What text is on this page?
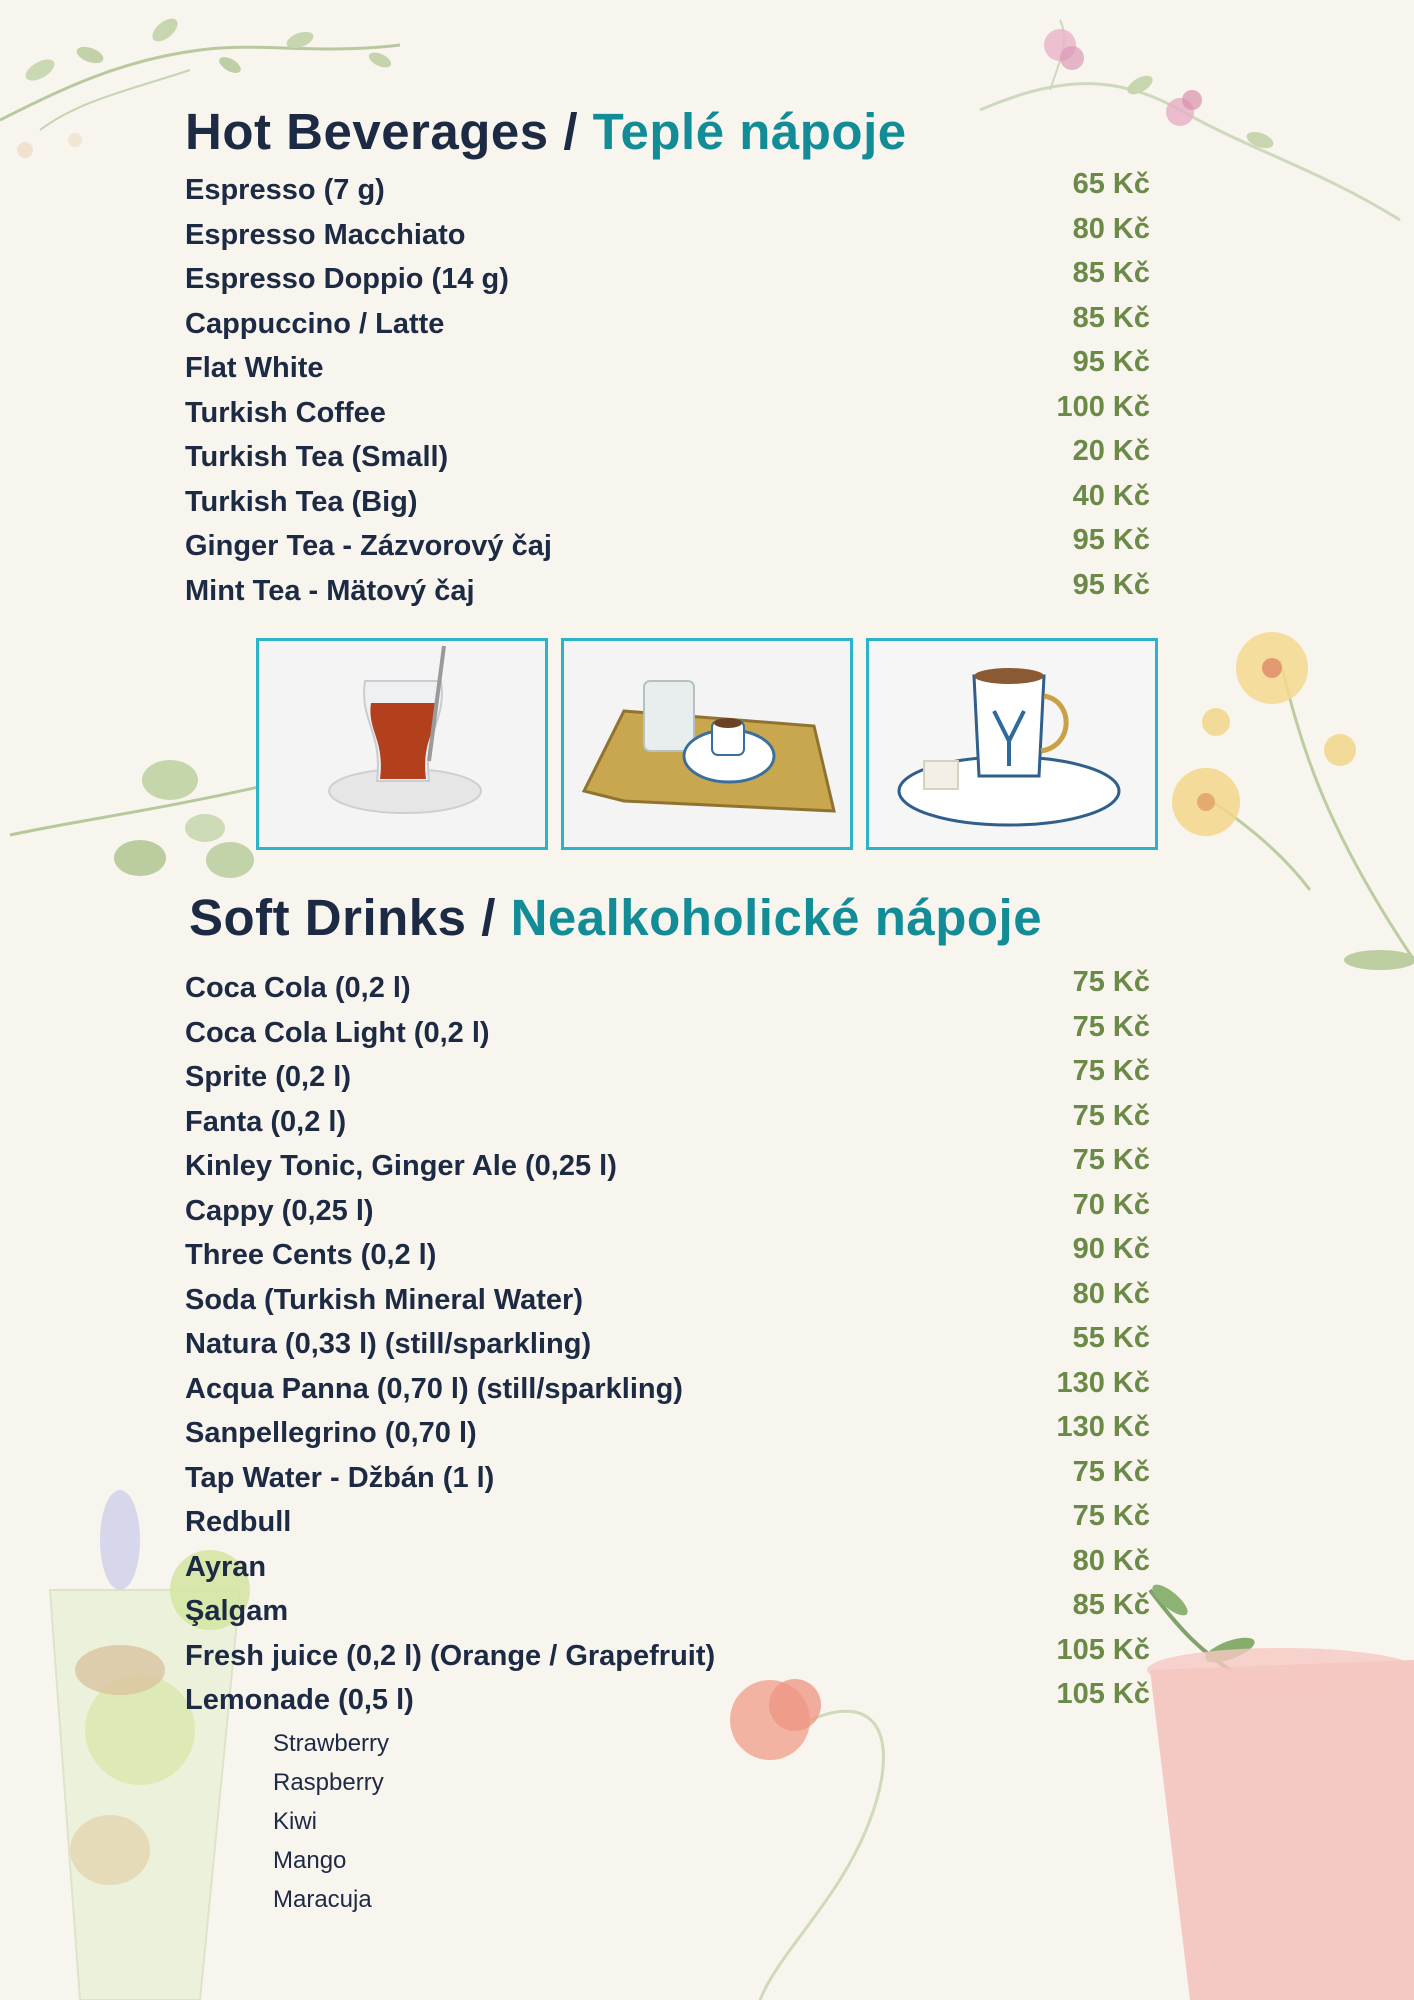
Hot Beverages / Teplé nápoje
Espresso (7 g)	65 Kč
Espresso Macchiato	80 Kč
Espresso Doppio (14 g)	85 Kč
Cappuccino / Latte	85 Kč
Flat White	95 Kč
Turkish Coffee	100 Kč
Turkish Tea (Small)	20 Kč
Turkish Tea (Big)	40 Kč
Ginger Tea - Zázvorový čaj	95 Kč
Mint Tea - Mätový čaj	95 Kč
Soft Drinks / Nealkoholické nápoje
Coca Cola (0,2 l)	75 Kč
Coca Cola Light (0,2 l)	75 Kč
Sprite (0,2 l)	75 Kč
Fanta (0,2 l)	75 Kč
Kinley Tonic, Ginger Ale (0,25 l)	75 Kč
Cappy (0,25 l)	70 Kč
Three Cents (0,2 l)	90 Kč
Soda (Turkish Mineral Water)	80 Kč
Natura (0,33 l) (still/sparkling)	55 Kč
Acqua Panna (0,70 l) (still/sparkling)	130 Kč
Sanpellegrino (0,70 l)	130 Kč
Tap Water - Džbán (1 l)	75 Kč
Redbull	75 Kč
Ayran	80 Kč
Şalgam	85 Kč
Fresh juice (0,2 l) (Orange / Grapefruit)	105 Kč
Lemonade (0,5 l)	105 Kč
Strawberry
Raspberry
Kiwi
Mango
Maracuja
